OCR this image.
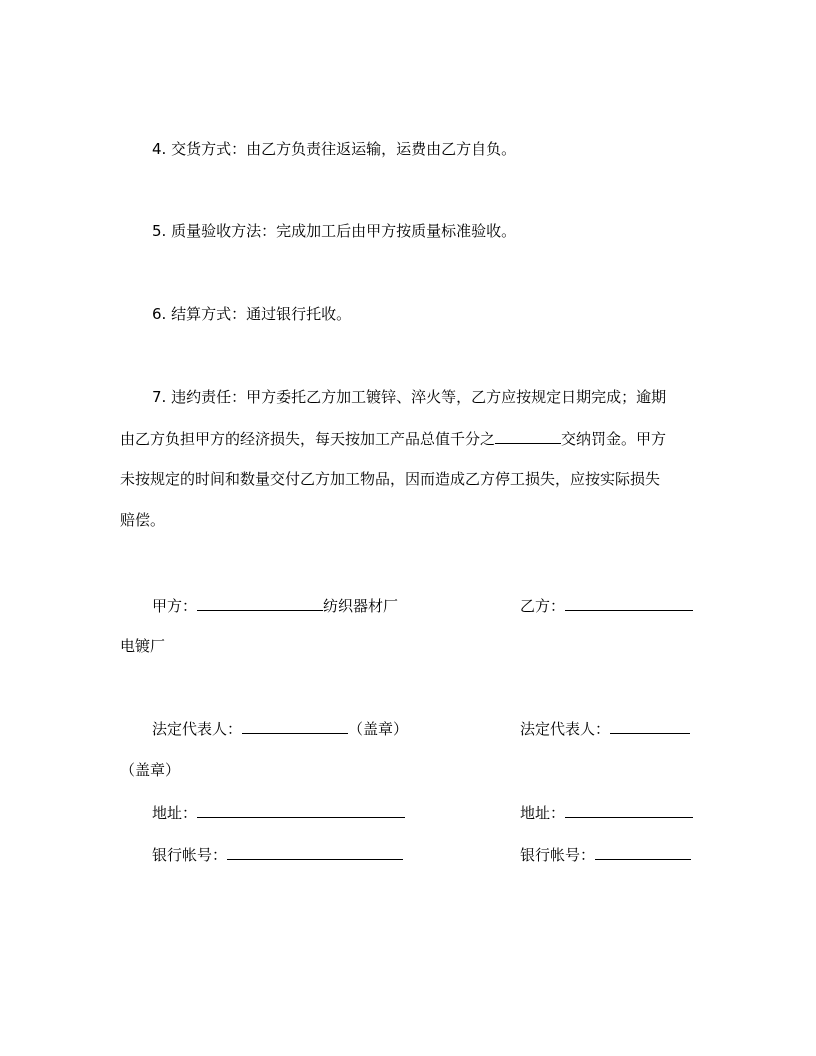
4. 交货方式：由乙方负责往返运输，运费由乙方自负。
5. 质量验收方法：完成加工后由甲方按质量标准验收。
6. 结算方式：通过银行托收。
7. 违约责任：甲方委托乙方加工镀锌、淬火等，乙方应按规定日期完成；逾期
由乙方负担甲方的经济损失，每天按加工产品总值千分之	交纳罚金。甲方
未按规定的时间和数量交付乙方加工物品，因而造成乙方停工损失，应按实际损失
赔偿。
甲方：	纺织器材厂	乙方：
电镀厂
法定代表人：	（盖章）	法定代表人：
（盖章）
地址：	地址：
银行帐号：	银行帐号：
